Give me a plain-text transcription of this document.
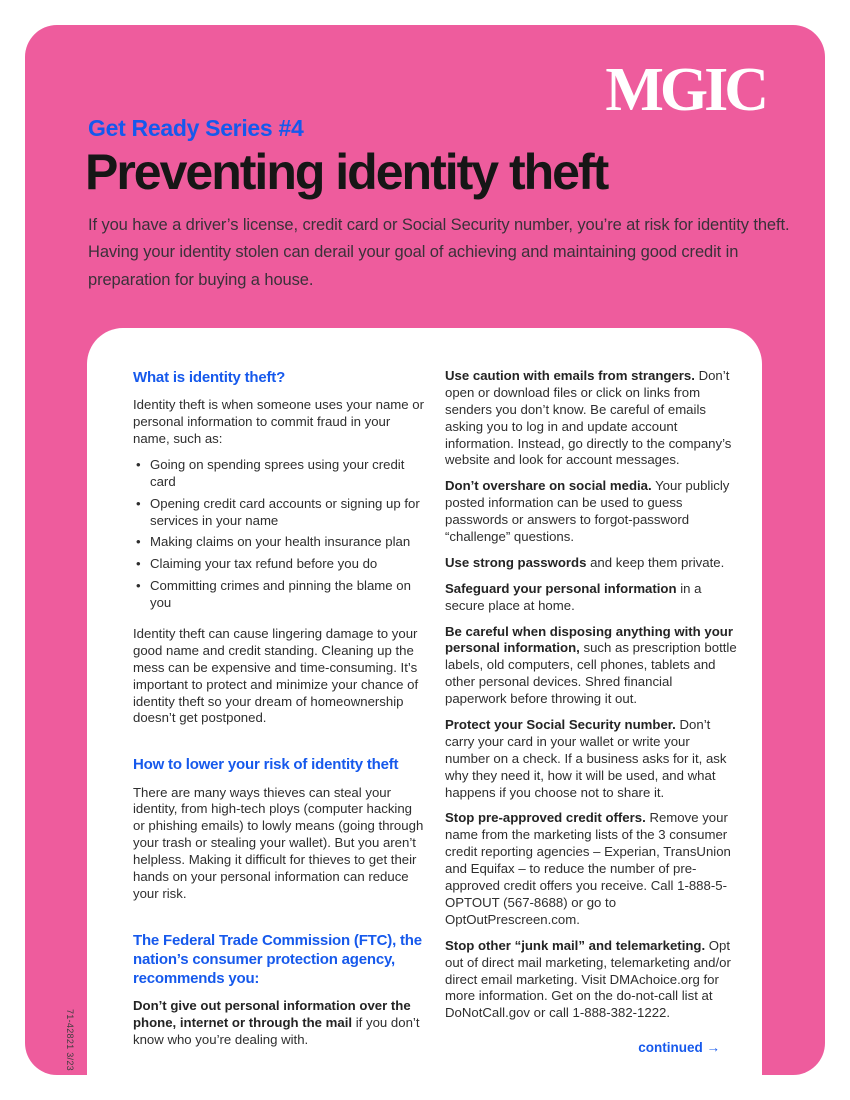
MGIC
Get Ready Series #4
Preventing identity theft
If you have a driver’s license, credit card or Social Security number, you’re at risk for identity theft. Having your identity stolen can derail your goal of achieving and maintaining good credit in preparation for buying a house.
What is identity theft?

Identity theft is when someone uses your name or personal information to commit fraud in your name, such as:

• Going on spending sprees using your credit card
• Opening credit card accounts or signing up for services in your name
• Making claims on your health insurance plan
• Claiming your tax refund before you do
• Committing crimes and pinning the blame on you

Identity theft can cause lingering damage to your good name and credit standing. Cleaning up the mess can be expensive and time-consuming. It’s important to protect and minimize your chance of identity theft so your dream of homeownership doesn’t get postponed.

How to lower your risk of identity theft

There are many ways thieves can steal your identity, from high-tech ploys (computer hacking or phishing emails) to lowly means (going through your trash or stealing your wallet). But you aren’t helpless. Making it difficult for thieves to get their hands on your personal information can reduce your risk.

The Federal Trade Commission (FTC), the nation’s consumer protection agency, recommends you:

Don’t give out personal information over the phone, internet or through the mail if you don’t know who you’re dealing with.

Use caution with emails from strangers. Don’t open or download files or click on links from senders you don’t know. Be careful of emails asking you to log in and update account information. Instead, go directly to the company’s website and look for account messages.

Don’t overshare on social media. Your publicly posted information can be used to guess passwords or answers to forgot-password “challenge” questions.

Use strong passwords and keep them private.

Safeguard your personal information in a secure place at home.

Be careful when disposing anything with your personal information, such as prescription bottle labels, old computers, cell phones, tablets and other personal devices. Shred financial paperwork before throwing it out.

Protect your Social Security number. Don’t carry your card in your wallet or write your number on a check. If a business asks for it, ask why they need it, how it will be used, and what happens if you choose not to share it.

Stop pre-approved credit offers. Remove your name from the marketing lists of the 3 consumer credit reporting agencies – Experian, TransUnion and Equifax – to reduce the number of pre-approved credit offers you receive. Call 1-888-5-OPTOUT (567-8688) or go to OptOutPrescreen.com.

Stop other “junk mail” and telemarketing. Opt out of direct mail marketing, telemarketing and/or direct email marketing. Visit DMAchoice.org for more information. Get on the do-not-call list at DoNotCall.gov or call 1-888-382-1222.

continued →
71-42821 3/23
